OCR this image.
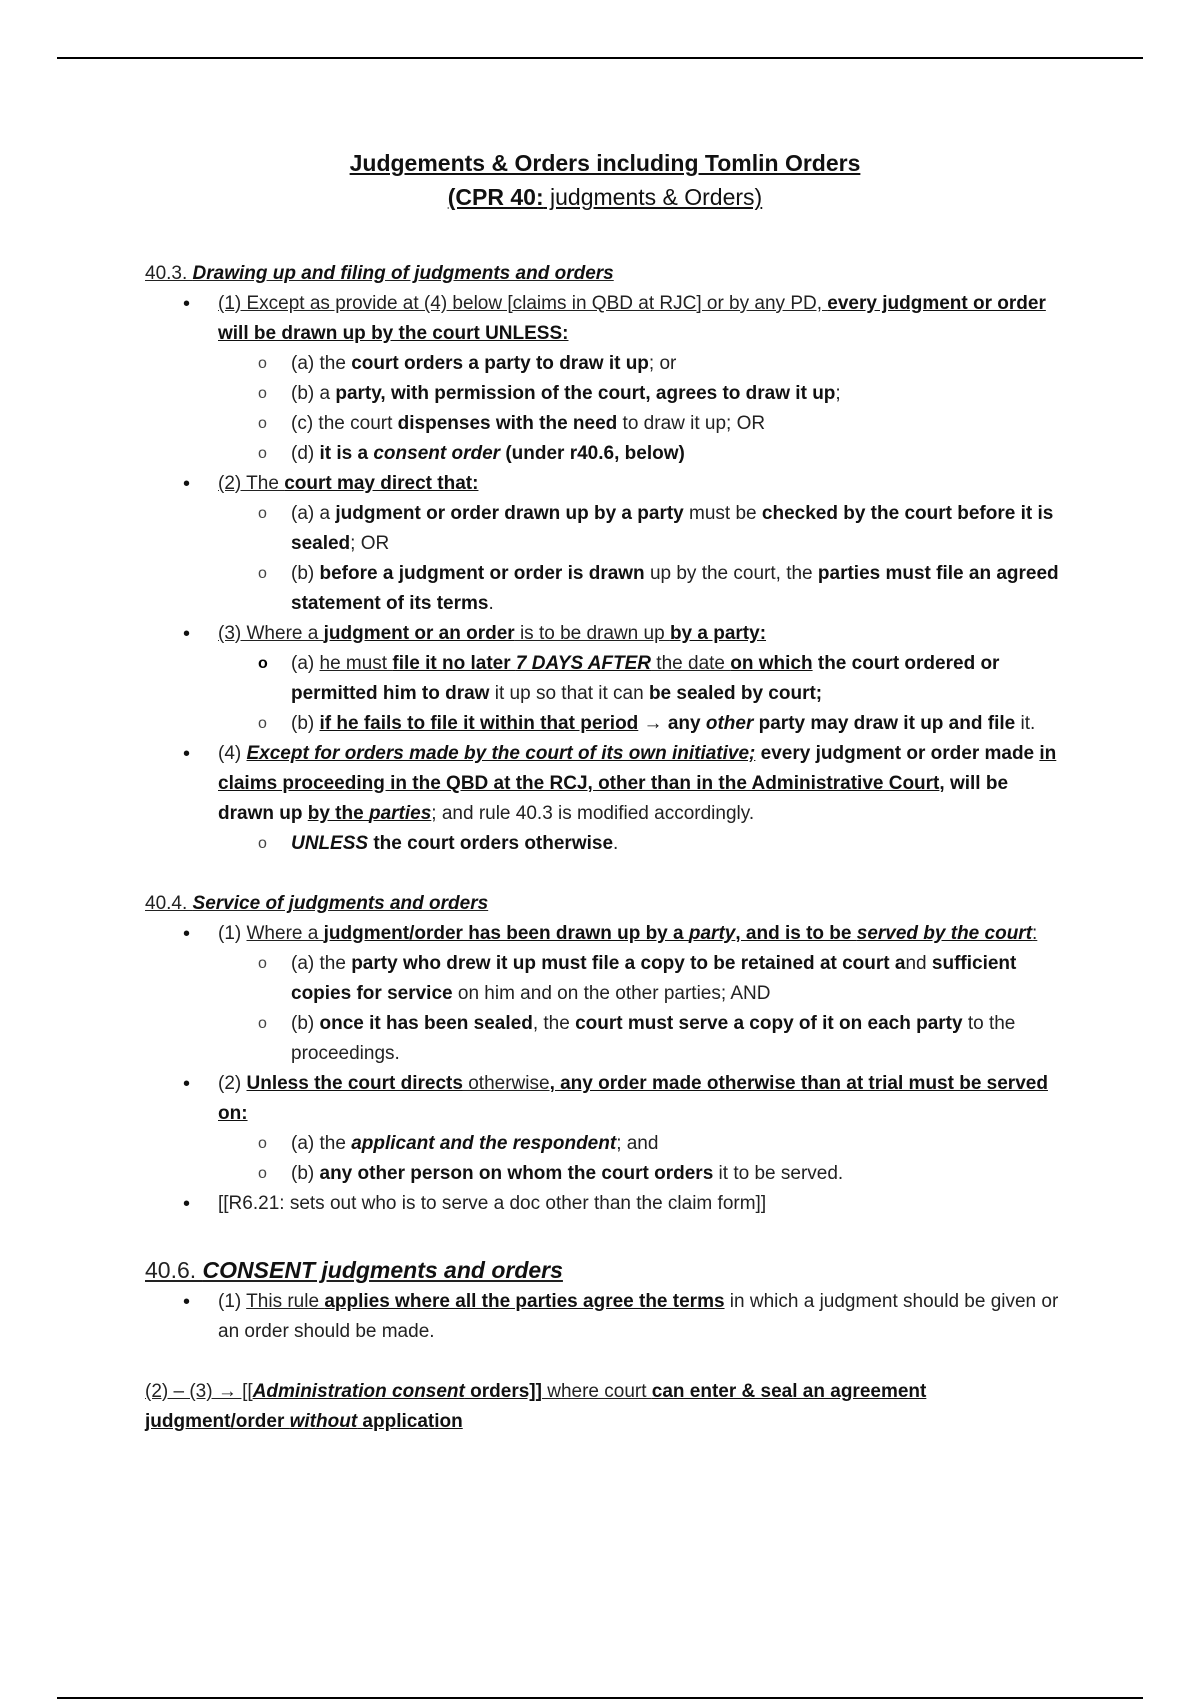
Judgements & Orders including Tomlin Orders
(CPR 40: judgments & Orders)
40.3. Drawing up and filing of judgments and orders
• (1) Except as provide at (4) below [claims in QBD at RJC] or by any PD, every judgment or order will be drawn up by the court UNLESS:
o (a) the court orders a party to draw it up; or
o (b) a party, with permission of the court, agrees to draw it up;
o (c) the court dispenses with the need to draw it up; OR
o (d) it is a consent order (under r40.6, below)
• (2) The court may direct that:
o (a) a judgment or order drawn up by a party must be checked by the court before it is sealed; OR
o (b) before a judgment or order is drawn up by the court, the parties must file an agreed statement of its terms.
• (3) Where a judgment or an order is to be drawn up by a party:
o (a) he must file it no later 7 DAYS AFTER the date on which the court ordered or permitted him to draw it up so that it can be sealed by court;
o (b) if he fails to file it within that period → any other party may draw it up and file it.
• (4) Except for orders made by the court of its own initiative; every judgment or order made in claims proceeding in the QBD at the RCJ, other than in the Administrative Court, will be drawn up by the parties; and rule 40.3 is modified accordingly.
o UNLESS the court orders otherwise.
40.4. Service of judgments and orders
• (1) Where a judgment/order has been drawn up by a party, and is to be served by the court:
o (a) the party who drew it up must file a copy to be retained at court and sufficient copies for service on him and on the other parties; AND
o (b) once it has been sealed, the court must serve a copy of it on each party to the proceedings.
• (2) Unless the court directs otherwise, any order made otherwise than at trial must be served on:
o (a) the applicant and the respondent; and
o (b) any other person on whom the court orders it to be served.
• [[R6.21: sets out who is to serve a doc other than the claim form]]
40.6. CONSENT judgments and orders
• (1) This rule applies where all the parties agree the terms in which a judgment should be given or an order should be made.
(2) – (3) → [[Administration consent orders]] where court can enter & seal an agreement judgment/order without application
